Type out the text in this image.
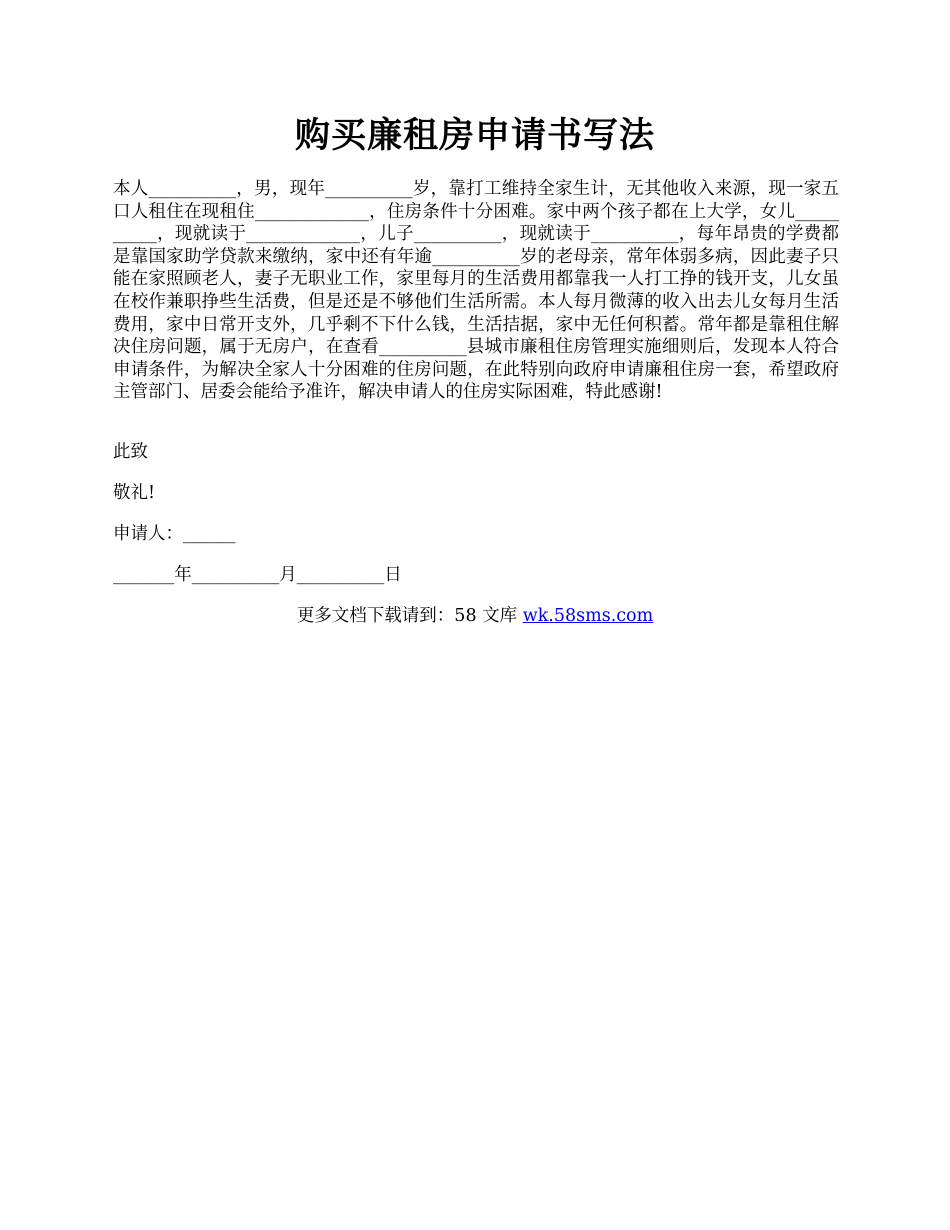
购买廉租房申请书写法
本人__________，男，现年__________岁，靠打工维持全家生计，无其他收入来源，现一家五口人租住在现租住_____________，住房条件十分困难。家中两个孩子都在上大学，女儿__________，现就读于_____________，儿子__________，现就读于__________，每年昂贵的学费都是靠国家助学贷款来缴纳，家中还有年逾__________岁的老母亲，常年体弱多病，因此妻子只能在家照顾老人，妻子无职业工作，家里每月的生活费用都靠我一人打工挣的钱开支，儿女虽在校作兼职挣些生活费，但是还是不够他们生活所需。本人每月微薄的收入出去儿女每月生活费用，家中日常开支外，几乎剩不下什么钱，生活拮据，家中无任何积蓄。常年都是靠租住解决住房问题，属于无房户，在查看__________县城市廉租住房管理实施细则后，发现本人符合申请条件，为解决全家人十分困难的住房问题，在此特别向政府申请廉租住房一套，希望政府主管部门、居委会能给予准许，解决申请人的住房实际困难，特此感谢!
此致
敬礼!
申请人：______
_______年__________月__________日
更多文档下载请到：58 文库 wk.58sms.com
